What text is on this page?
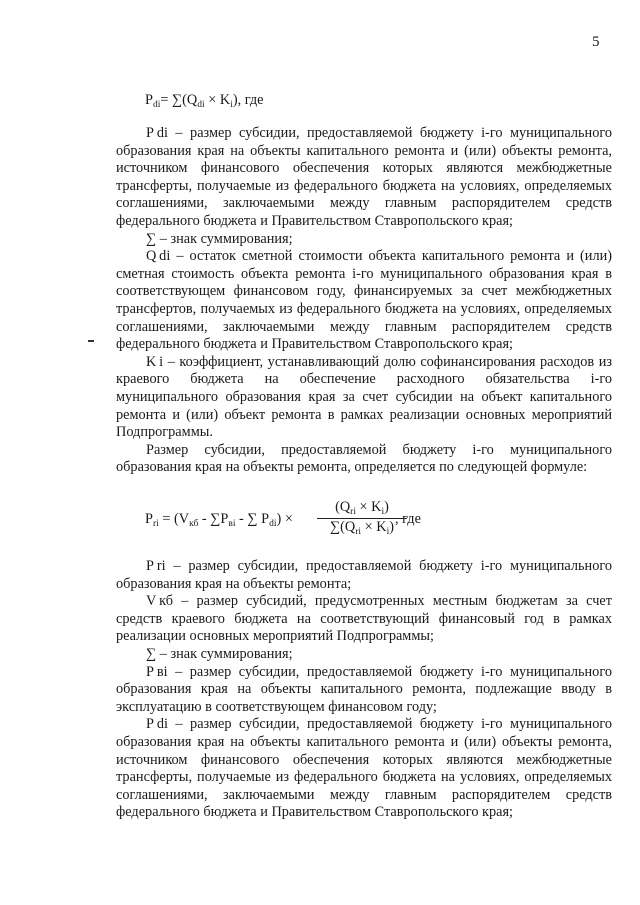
5
$P_{di}= \sum(Q_{di} \times K_i)$, где

P di – размер субсидии, предоставляемой бюджету i-го муниципального образования края на объекты капитального ремонта и (или) объекты ремонта, источником финансового обеспечения которых являются межбюджетные трансферты, получаемые из федерального бюджета на условиях, определяемых соглашениями, заключаемыми между главным распорядителем средств федерального бюджета и Правительством Ставропольского края;

∑ – знак суммирования;

Q di – остаток сметной стоимости объекта капитального ремонта и (или) сметная стоимость объекта ремонта i-го муниципального образования края в соответствующем финансовом году, финансируемых за счет межбюджетных трансфертов, получаемых из федерального бюджета на условиях, определяемых соглашениями, заключаемыми между главным распорядителем средств федерального бюджета и Правительством Ставропольского края;

K i – коэффициент, устанавливающий долю софинансирования расходов из краевого бюджета на обеспечение расходного обязательства i-го муниципального образования края за счет субсидии на объект капитального ремонта и (или) объект ремонта в рамках реализации основных мероприятий Подпрограммы.

Размер субсидии, предоставляемой бюджету i-го муниципального образования края на объекты ремонта, определяется по следующей формуле:

$P_{ri} = (V_{кб} - \sum P_{вi}$ - ∑ $P_{di}$) ×
$(Q_{ri} \times K_i)$
$\sum(Q_{ri} \times K_i)$ , где

P ri – размер субсидии, предоставляемой бюджету i-го муниципального образования края на объекты ремонта;

V кб – размер субсидий, предусмотренных местным бюджетам за счет средств краевого бюджета на соответствующий финансовый год в рамках реализации основных мероприятий Подпрограммы;

∑ – знак суммирования;

P вi – размер субсидии, предоставляемой бюджету i-го муниципального образования края на объекты капитального ремонта, подлежащие вводу в эксплуатацию в соответствующем финансовом году;

P di – размер субсидии, предоставляемой бюджету i-го муниципального образования края на объекты капитального ремонта и (или) объекты ремонта, источником финансового обеспечения которых являются межбюджетные трансферты, получаемые из федерального бюджета на условиях, определяемых соглашениями, заключаемыми между главным распорядителем средств федерального бюджета и Правительством Ставропольского края;
